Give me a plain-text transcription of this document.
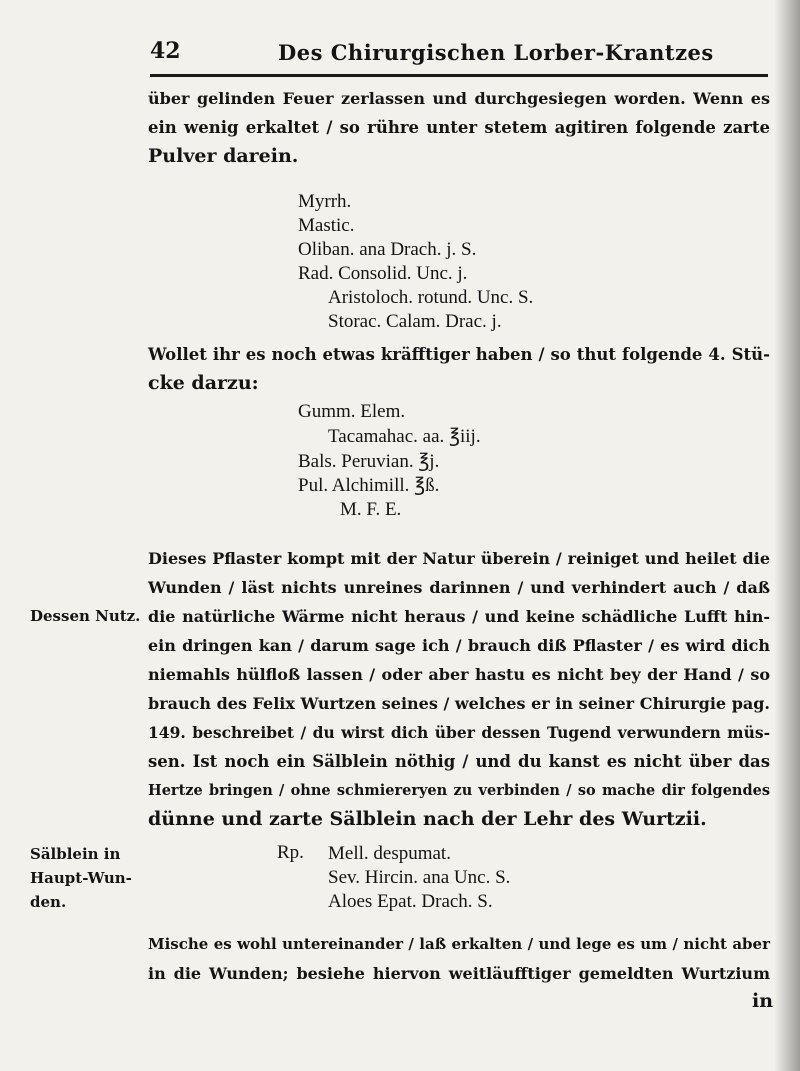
42	Des Chirurgischen Lorber-Krantzes
über gelinden Feuer zerlassen und durchgesiegen worden. Wenn es
ein wenig erkaltet / so rühre unter stetem agitiren folgende zarte
Pulver darein.
Myrrh.
Mastic.
Oliban. ana Drach. j. S.
Rad. Consolid. Unc. j.
Aristoloch. rotund. Unc. S.
Storac. Calam. Drac. j.
Wollet ihr es noch etwas kräfftiger haben / so thut folgende 4. Stü-
cke darzu:
Gumm. Elem.
Tacamahac. aa. ℥iij.
Bals. Peruvian. ℥j.
Pul. Alchimill. ℥ß.
M. F. E.
Dessen Nutz.
Dieses Pflaster kompt mit der Natur überein / reiniget und heilet die
Wunden / läst nichts unreines darinnen / und verhindert auch / daß
die natürliche Wärme nicht heraus / und keine schädliche Lufft hin-
ein dringen kan / darum sage ich / brauch diß Pflaster / es wird dich
niemahls hülfloß lassen / oder aber hastu es nicht bey der Hand / so
brauch des Felix Wurtzen seines / welches er in seiner Chirurgie pag.
149. beschreibet / du wirst dich über dessen Tugend verwundern müs-
sen. Ist noch ein Sälblein nöthig / und du kanst es nicht über das
Hertze bringen / ohne schmiereryen zu verbinden / so mache dir folgendes
dünne und zarte Sälblein nach der Lehr des Wurtzii.
Sälblein in
Haupt-Wun-
den.
Rp. Mell. despumat.
Sev. Hircin. ana Unc. S.
Aloes Epat. Drach. S.
Mische es wohl untereinander / laß erkalten / und lege es um / nicht aber
in die Wunden; besiehe hiervon weitläufftiger gemeldten Wurtzium
in
